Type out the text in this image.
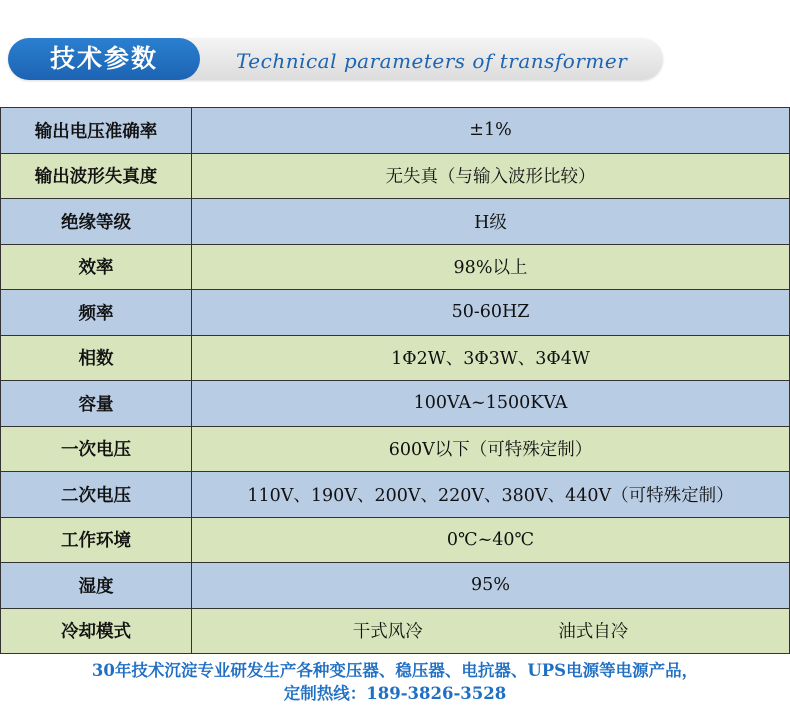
技术参数	Technical parameters of transformer
输出电压准确率	±1%
输出波形失真度	无失真（与输入波形比较）
绝缘等级	H级
效率	98%以上
频率	50-60HZ
相数	1Φ2W、3Φ3W、3Φ4W
容量	100VA~1500KVA
一次电压	600V以下（可特殊定制）
二次电压	110V、190V、200V、220V、380V、440V（可特殊定制）
工作环境	0℃~40℃
湿度	95%
冷却模式	干式风冷 油式自冷
30年技术沉淀专业研发生产各种变压器、稳压器、电抗器、UPS电源等电源产品，
定制热线：189-3826-3528
